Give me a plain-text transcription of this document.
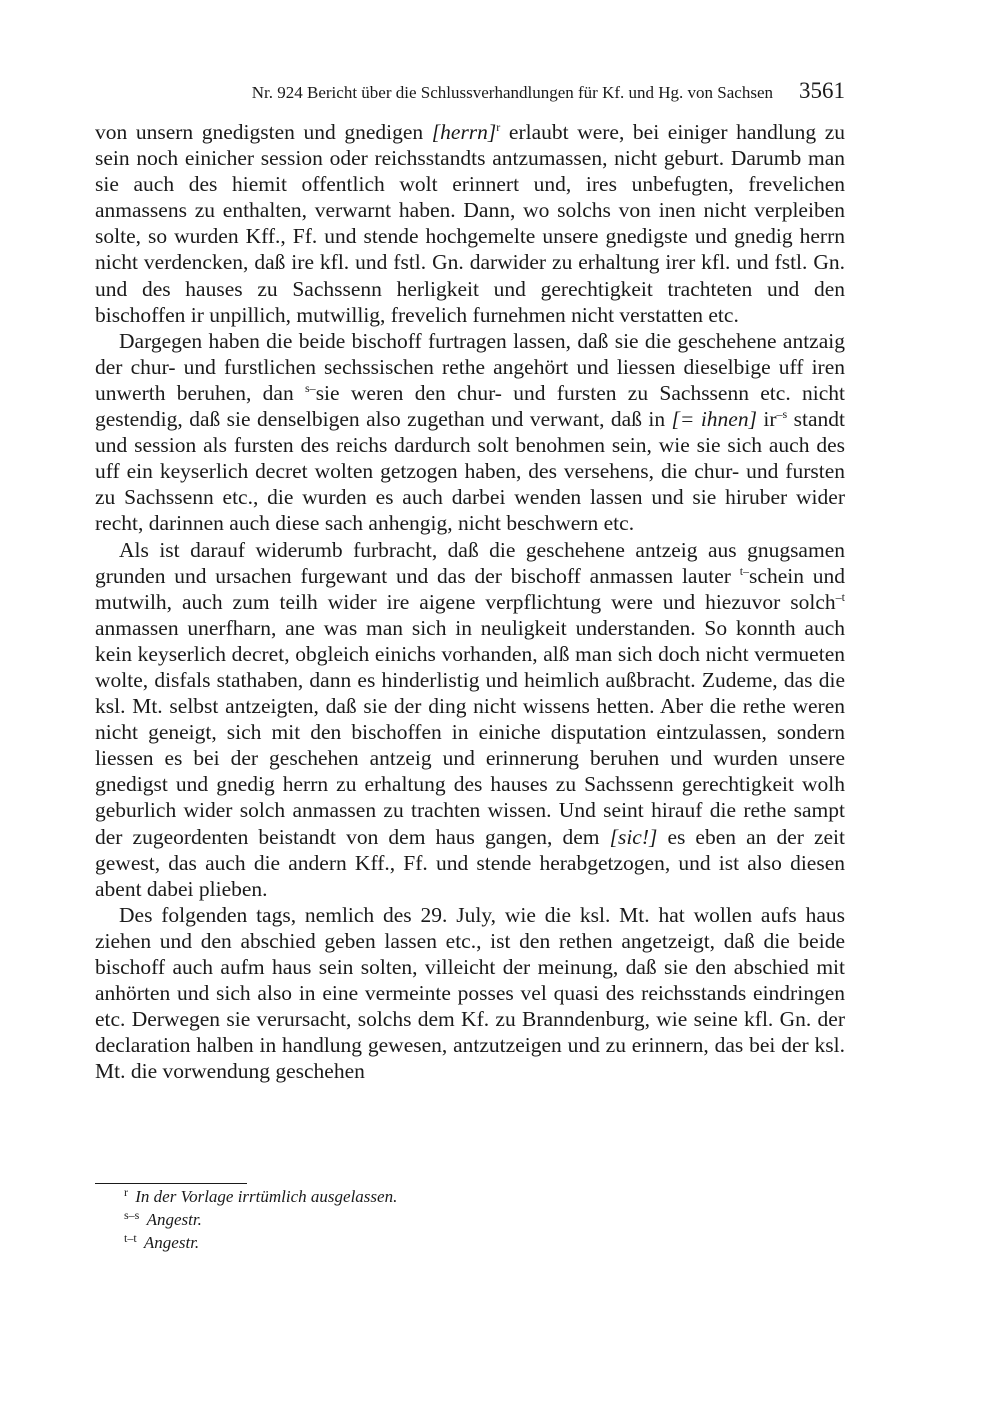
Nr. 924 Bericht über die Schlussverhandlungen für Kf. und Hg. von Sachsen 3561

von unsern gnedigsten und gnedigen [herrn]$^r$ erlaubt were, bei einiger handlung zu sein noch einicher session oder reichsstandts antzumassen, nicht geburt. Darumb man sie auch des hiemit offentlich wolt erinnert und, ires unbefugten, frevelichen anmassens zu enthalten, verwarnt haben. Dann, wo solchs von inen nicht verpleiben solte, so wurden Kff., Ff. und stende hochgemelte unsere gnedigste und gnedig herrn nicht verdencken, daß ire kfl. und fstl. Gn. darwider zu erhaltung irer kfl. und fstl. Gn. und des hauses zu Sachssenn herligkeit und gerechtigkeit trachteten und den bischoffen ir unpillich, mutwillig, frevelich furnehmen nicht verstatten etc.

Dargegen haben die beide bischoff furtragen lassen, daß sie die geschehene antzaig der chur- und furstlichen sechssischen rethe angehört und liessen dieselbige uff iren unwerth beruhen, dan $^{s-}$sie weren den chur- und fursten zu Sachssenn etc. nicht gestendig, daß sie denselbigen also zugethan und verwant, daß in [= ihnen] $ir^{-s}$ standt und session als fursten des reichs dardurch solt benohmen sein, wie sie sich auch des uff ein keyserlich decret wolten getzogen haben, des versehens, die chur- und fursten zu Sachssenn etc., die wurden es auch darbei wenden lassen und sie hiruber wider recht, darinnen auch diese sach anhengig, nicht beschwern etc.

Als ist darauf widerumb furbracht, daß die geschehene antzeig aus gnugsamen grunden und ursachen furgewant und das der bischoff anmassen lauter $^{t-}$schein und mutwilh, auch zum teilh wider ire aigene verpflichtung were und hiezuvor solch$^{-t}$ anmassen unerfharn, ane was man sich in neuligkeit understanden. So konnth auch kein keyserlich decret, obgleich einichs vorhanden, alß man sich doch nicht vermueten wolte, disfals stathaben, dann es hinderlistig und heimlich außbracht. Zudeme, das die ksl. Mt. selbst antzeigten, daß sie der ding nicht wissens hetten. Aber die rethe weren nicht geneigt, sich mit den bischoffen in einiche disputation eintzulassen, sondern liessen es bei der geschehen antzeig und erinnerung beruhen und wurden unsere gnedigst und gnedig herrn zu erhaltung des hauses zu Sachssenn gerechtigkeit wolh geburlich wider solch anmassen zu trachten wissen. Und seint hirauf die rethe sampt der zugeordenten beistandt von dem haus gangen, dem [sic!] es eben an der zeit gewest, das auch die andern Kff., Ff. und stende herabgetzogen, und ist also diesen abent dabei plieben.

Des folgenden tags, nemlich des 29. July, wie die ksl. Mt. hat wollen aufs haus ziehen und den abschied geben lassen etc., ist den rethen angetzeigt, daß die beide bischoff auch aufm haus sein solten, villeicht der meinung, daß sie den abschied mit anhörten und sich also in eine vermeinte posses vel quasi des reichsstands eindringen etc. Derwegen sie verursacht, solchs dem Kf. zu Branndenburg, wie seine kfl. Gn. der declaration halben in handlung gewesen, antzutzeigen und zu erinnern, das bei der ksl. Mt. die vorwendung geschehen

$^r$ In der Vorlage irrtümlich ausgelassen.
$^{s-s}$ Angestr.
$^{t-t}$ Angestr.
